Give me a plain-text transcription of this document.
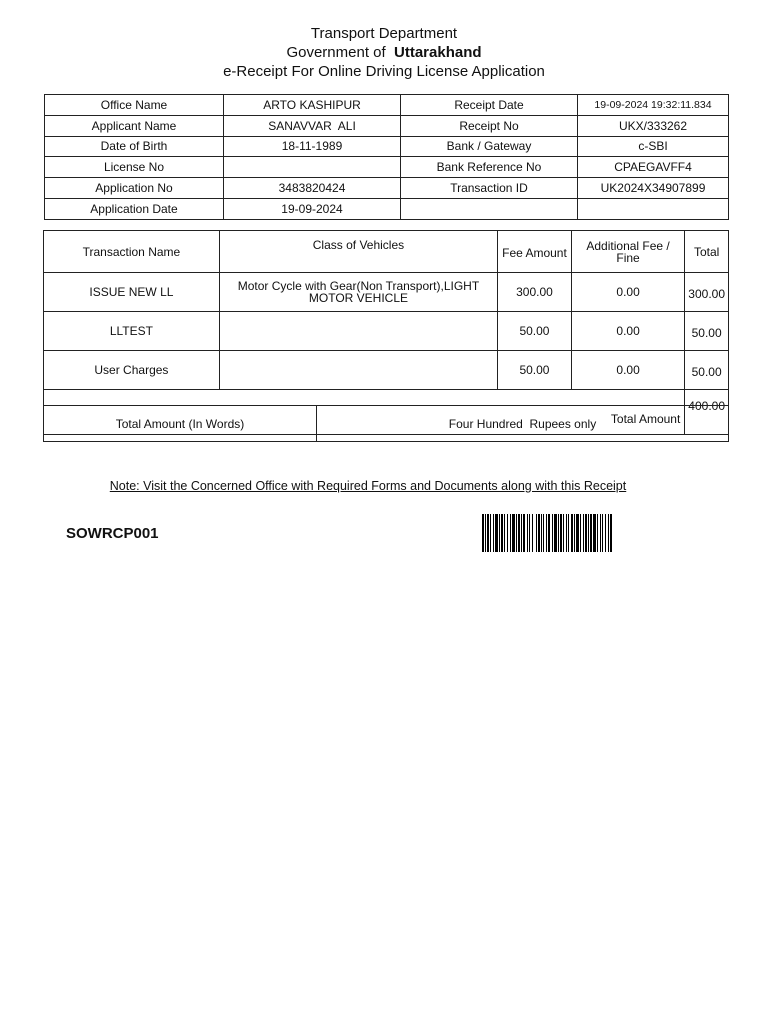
Transport Department
Government of Uttarakhand
e-Receipt For Online Driving License Application
Office Name	ARTO KASHIPUR	Receipt Date	19-09-2024 19:32:11.834
Applicant Name	SANAVVAR  ALI	Receipt No	UKX/333262
Date of Birth	18-11-1989	Bank / Gateway	c-SBI
License No		Bank Reference No	CPAEGAVFF4
Application No	3483820424	Transaction ID	UK2024X34907899
Application Date	19-09-2024		
Transaction Name	Class of Vehicles	Fee Amount	Additional Fee / Fine	Total
ISSUE NEW LL	Motor Cycle with Gear(Non Transport),LIGHT MOTOR VEHICLE	300.00	0.00	300.00
LLTEST		50.00	0.00	50.00
User Charges		50.00	0.00	50.00
Total Amount				400.00
Total Amount (In Words)	Four Hundred  Rupees only
Note: Visit the Concerned Office with Required Forms and Documents along with this Receipt
SOWRCP001
